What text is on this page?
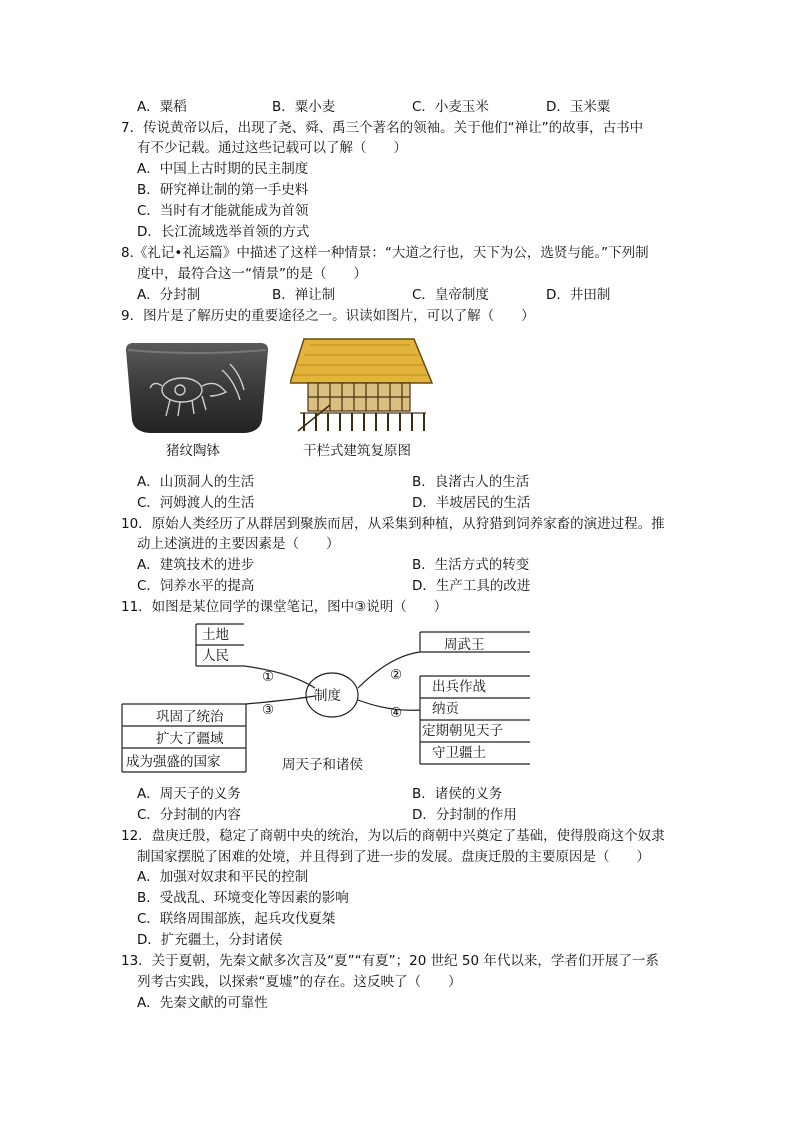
A．粟稻	B．粟小麦	C．小麦玉米	D．玉米粟
7．传说黄帝以后，出现了尧、舜、禹三个著名的领袖。关于他们“禅让”的故事，古书中
有不少记载。通过这些记载可以了解（　　）
A．中国上古时期的民主制度
B．研究禅让制的第一手史料
C．当时有才能就能成为首领
D．长江流域选举首领的方式
8.《礼记•礼运篇》中描述了这样一种情景：“大道之行也，天下为公，选贤与能。”下列制
度中，最符合这一“情景”的是（　　）
A．分封制	B．禅让制	C．皇帝制度	D．井田制
9．图片是了解历史的重要途径之一。识读如图片，可以了解（　　）
猪纹陶钵	干栏式建筑复原图
A．山顶洞人的生活	B．良渚古人的生活
C．河姆渡人的生活	D．半坡居民的生活
10．原始人类经历了从群居到聚族而居，从采集到种植，从狩猎到饲养家畜的演进过程。推
动上述演进的主要因素是（　　）
A．建筑技术的进步	B．生活方式的转变
C．饲养水平的提高	D．生产工具的改进
11．如图是某位同学的课堂笔记，图中③说明（　　）
土地
人民
①
制度
②
③	④
巩固了统治
扩大了疆域
成为强盛的国家
周武王
出兵作战
纳贡
定期朝见天子
守卫疆土
周天子和诸侯
A．周天子的义务	B．诸侯的义务
C．分封制的内容	D．分封制的作用
12．盘庚迁殷，稳定了商朝中央的统治，为以后的商朝中兴奠定了基础，使得殷商这个奴隶
制国家摆脱了困难的处境，并且得到了进一步的发展。盘庚迁殷的主要原因是（　　）
A．加强对奴隶和平民的控制
B．受战乱、环境变化等因素的影响
C．联络周围部族，起兵攻伐夏桀
D．扩充疆土，分封诸侯
13．关于夏朝，先秦文献多次言及“夏”“有夏”；20 世纪 50 年代以来，学者们开展了一系
列考古实践，以探索“夏墟”的存在。这反映了（　　）
A．先秦文献的可靠性
